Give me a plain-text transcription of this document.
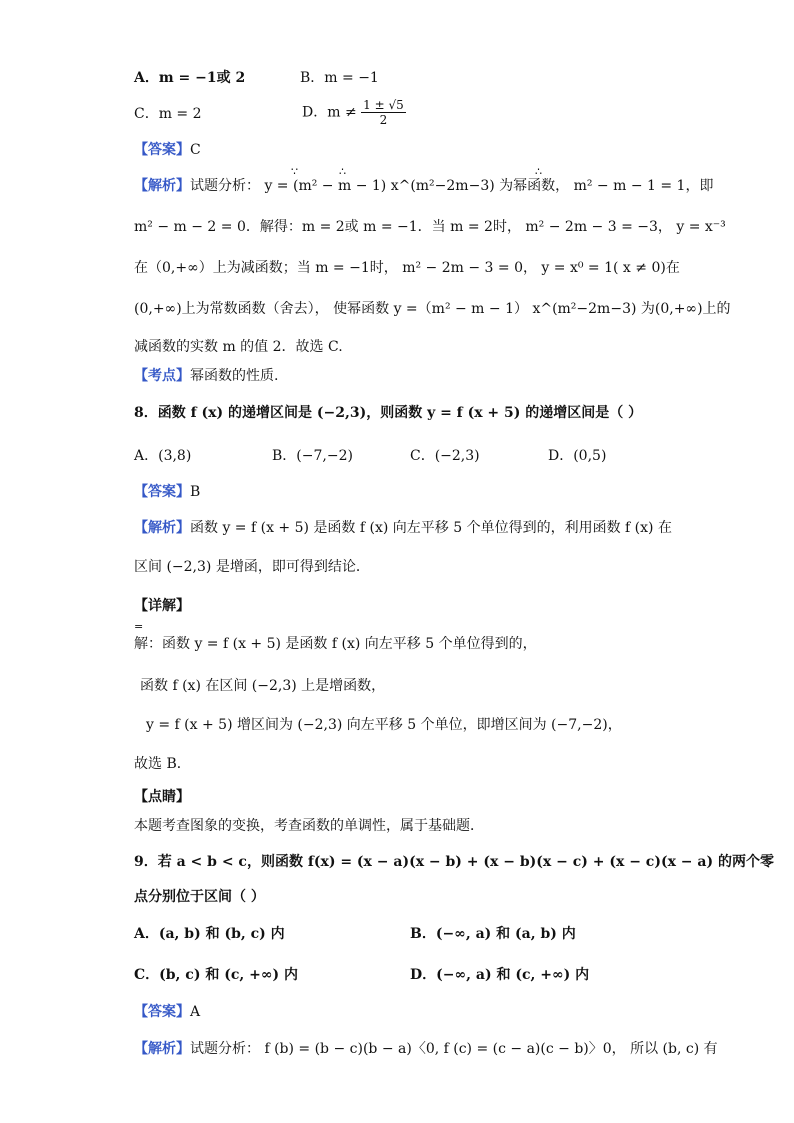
A．m = −1或 2	B．m = −1
C．m = 2	D．$m \ne \frac{1 \pm √5}{2}$
【答案】C
∵	∴	∴
【解析】试题分析： y = (m² − m − 1) x^(m²−2m−3) 为幂函数， m² − m − 1 = 1，即
m² − m − 2 = 0．解得：m = 2或 m = −1．当 m = 2时， m² − 2m − 3 = −3， y = x⁻³
在（0,+∞）上为减函数；当 m = −1时， m² − 2m − 3 = 0， y = x⁰ = 1( x ≠ 0)在
(0,+∞)上为常数函数（舍去）， 使幂函数 y =（m² − m − 1） x^(m²−2m−3) 为(0,+∞)上的
减函数的实数 m 的值 2．故选 C.
【考点】幂函数的性质.
8．函数 f (x) 的递增区间是 (−2,3)，则函数 y = f (x + 5) 的递增区间是（ ）
A．(3,8)	B．(−7,−2)	C．(−2,3)	D．(0,5)
【答案】B
【解析】函数 y = f (x + 5) 是函数 f (x) 向左平移 5 个单位得到的，利用函数 f (x) 在
区间 (−2,3) 是增函，即可得到结论．
【详解】
=
解：函数 y = f (x + 5) 是函数 f (x) 向左平移 5 个单位得到的，
函数 f (x) 在区间 (−2,3) 上是增函数，
y = f (x + 5) 增区间为 (−2,3) 向左平移 5 个单位，即增区间为 (−7,−2)，
故选 B．
【点睛】
本题考查图象的变换，考查函数的单调性，属于基础题．
9．若 a < b < c，则函数 f(x) = (x − a)(x − b) + (x − b)(x − c) + (x − c)(x − a) 的两个零
点分别位于区间（ ）
A．(a, b) 和 (b, c) 内	B．(−∞, a) 和 (a, b) 内
C．(b, c) 和 (c, +∞) 内	D．(−∞, a) 和 (c, +∞) 内
【答案】A
【解析】试题分析： f (b) = (b − c)(b − a)〈0, f (c) = (c − a)(c − b)〉0， 所以 (b, c) 有
